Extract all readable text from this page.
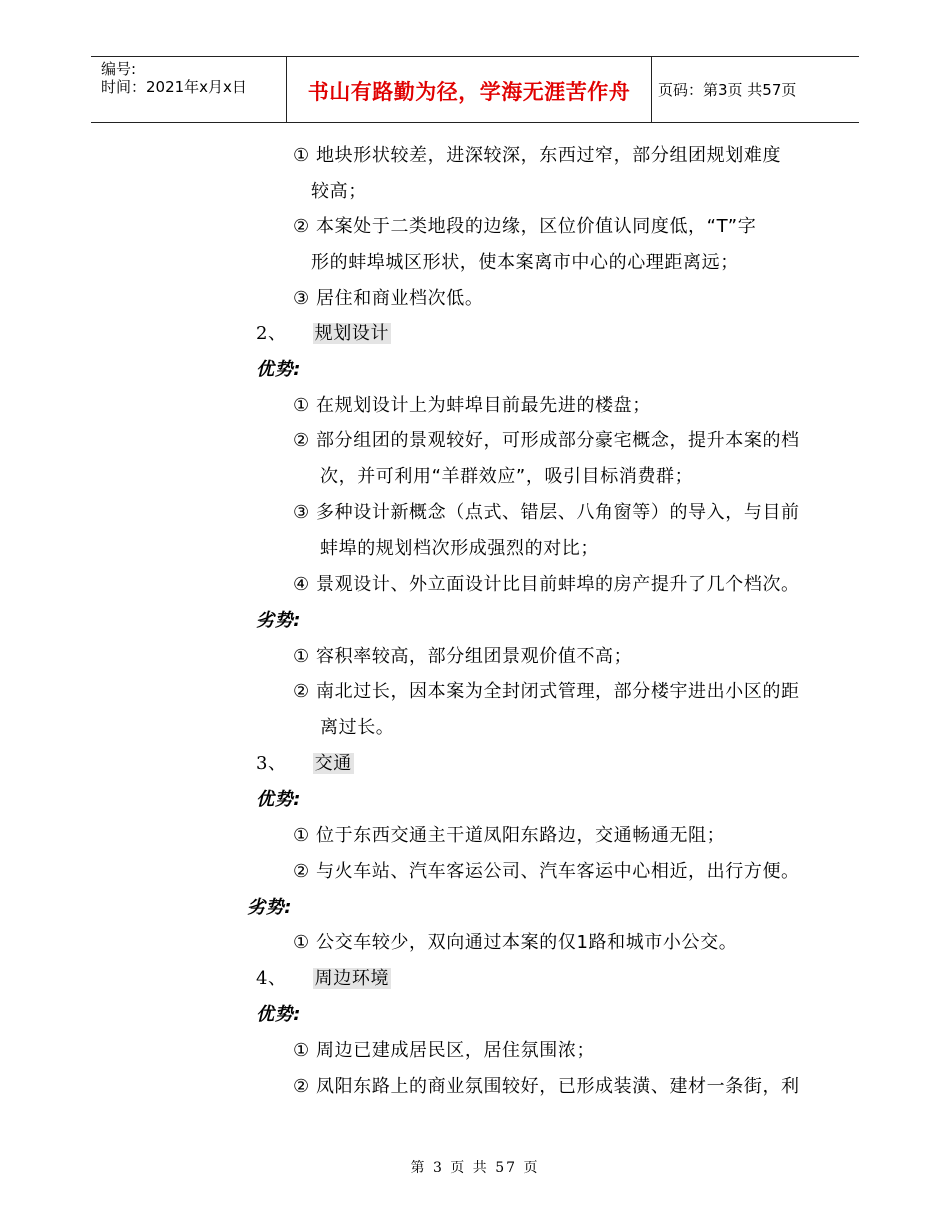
编号:
时间：2021年x月x日	书山有路勤为径，学海无涯苦作舟	页码：第3页 共57页
① 地块形状较差，进深较深，东西过窄，部分组团规划难度
较高；
② 本案处于二类地段的边缘，区位价值认同度低，“T”字
形的蚌埠城区形状，使本案离市中心的心理距离远；
③ 居住和商业档次低。
2、 规划设计
优势:
① 在规划设计上为蚌埠目前最先进的楼盘；
② 部分组团的景观较好，可形成部分豪宅概念，提升本案的档
次，并可利用“羊群效应”，吸引目标消费群；
③ 多种设计新概念（点式、错层、八角窗等）的导入，与目前
蚌埠的规划档次形成强烈的对比；
④ 景观设计、外立面设计比目前蚌埠的房产提升了几个档次。
劣势:
① 容积率较高，部分组团景观价值不高；
② 南北过长，因本案为全封闭式管理，部分楼宇进出小区的距
离过长。
3、 交通
优势:
① 位于东西交通主干道凤阳东路边，交通畅通无阻；
② 与火车站、汽车客运公司、汽车客运中心相近，出行方便。
劣势:
① 公交车较少，双向通过本案的仅1路和城市小公交。
4、 周边环境
优势:
① 周边已建成居民区，居住氛围浓；
② 凤阳东路上的商业氛围较好，已形成装潢、建材一条街，利
第 3 页 共 57 页
